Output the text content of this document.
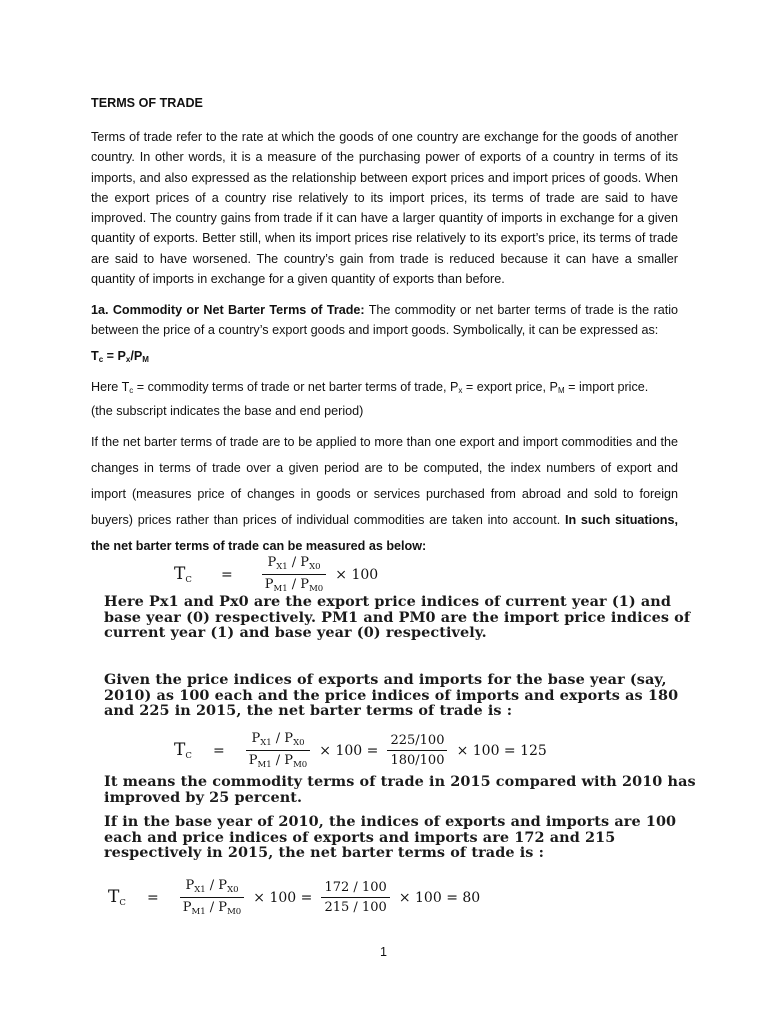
TERMS OF TRADE
Terms of trade refer to the rate at which the goods of one country are exchange for the goods of another country. In other words, it is a measure of the purchasing power of exports of a country in terms of its imports, and also expressed as the relationship between export prices and import prices of goods. When the export prices of a country rise relatively to its import prices, its terms of trade are said to have improved. The country gains from trade if it can have a larger quantity of imports in exchange for a given quantity of exports. Better still, when its import prices rise relatively to its export’s price, its terms of trade are said to have worsened. The country’s gain from trade is reduced because it can have a smaller quantity of imports in exchange for a given quantity of exports than before.
1a. Commodity or Net Barter Terms of Trade: The commodity or net barter terms of trade is the ratio between the price of a country’s export goods and import goods. Symbolically, it can be expressed as:
$T_c = P_x/P_M$
Here $T_c$ = commodity terms of trade or net barter terms of trade, $P_x$ = export price, $P_M$ = import price.
(the subscript indicates the base and end period)
If the net barter terms of trade are to be applied to more than one export and import commodities and the changes in terms of trade over a given period are to be computed, the index numbers of export and import (measures price of changes in goods or services purchased from abroad and sold to foreign buyers) prices rather than prices of individual commodities are taken into account. In such situations, the net barter terms of trade can be measured as below:
TC = $\frac{P_{X1} / P_{X0}}{P_{M1} / P_{M0}} \times 100$
Here Px1 and Px0 are the export price indices of current year (1) and base year (0) respectively. PM1 and PM0 are the import price indices of current year (1) and base year (0) respectively.
Given the price indices of exports and imports for the base year (say, 2010) as 100 each and the price indices of imports and exports as 180 and 225 in 2015, the net barter terms of trade is :
TC = $\frac{P_{X1} / P_{X0}}{P_{M1} / P_{M0}} \times 100 = \frac{225/100}{180/100} \times 100 = 125$
It means the commodity terms of trade in 2015 compared with 2010 has improved by 25 percent.
If in the base year of 2010, the indices of exports and imports are 100 each and price indices of exports and imports are 172 and 215 respectively in 2015, the net barter terms of trade is :
TC = $\frac{P_{X1} / P_{X0}}{P_{M1} / P_{M0}} \times 100 = \frac{172 / 100}{215 / 100} \times 100 = 80$
1
